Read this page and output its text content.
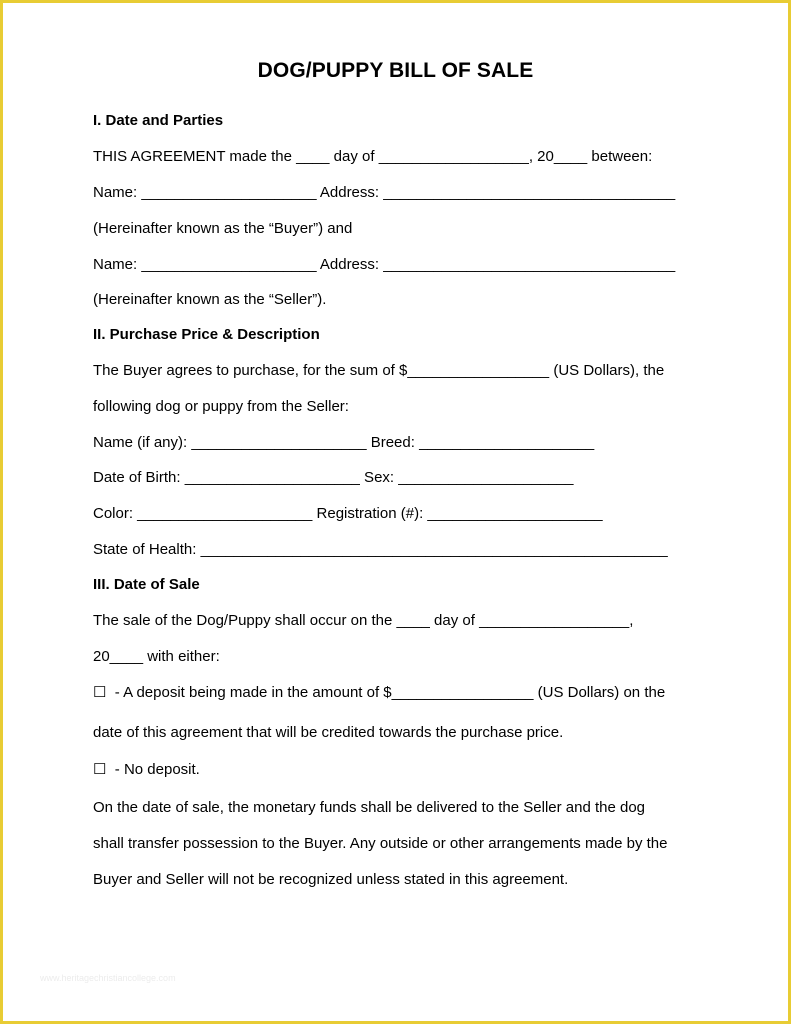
DOG/PUPPY BILL OF SALE
I. Date and Parties
THIS AGREEMENT made the ____ day of __________________, 20____ between:
Name: _____________________ Address: ___________________________________
(Hereinafter known as the “Buyer”) and
Name: _____________________ Address: ___________________________________
(Hereinafter known as the “Seller”).
II. Purchase Price & Description
The Buyer agrees to purchase, for the sum of $_________________ (US Dollars), the
following dog or puppy from the Seller:
Name (if any): _____________________ Breed: _____________________
Date of Birth: _____________________ Sex: _____________________
Color: _____________________ Registration (#): _____________________
State of Health: ________________________________________________________
III. Date of Sale
The sale of the Dog/Puppy shall occur on the ____ day of __________________,
20____ with either:
☐  - A deposit being made in the amount of $_________________ (US Dollars) on the
date of this agreement that will be credited towards the purchase price.
☐  - No deposit.
On the date of sale, the monetary funds shall be delivered to the Seller and the dog
shall transfer possession to the Buyer. Any outside or other arrangements made by the
Buyer and Seller will not be recognized unless stated in this agreement.
www.heritagechristiancollege.com
